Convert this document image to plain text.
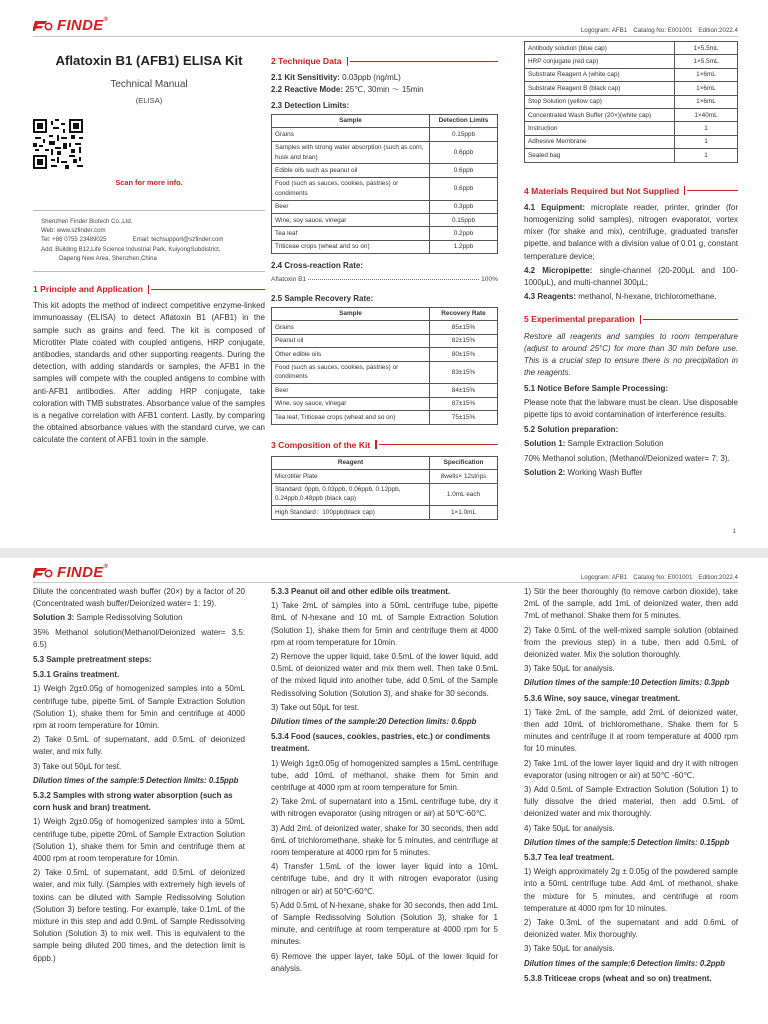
FINDE®
Logogram: AFB1 Catalog No: E001001 Edition:2022.4
Aflatoxin B1 (AFB1) ELISA Kit
Technical Manual
(ELISA)
Scan for more info.
Shenzhen Finder Biotech Co.,Ltd.
Web: www.szfinder.com
Tel: +86 0755 23489025	Email: techsupport@szfinder.com
Add: Building B12,Life Science Industrial Park, KuiyongSubdistrict,
Dapeng New Area, Shenzhen,China
1 Principle and Application
This kit adopts the method of indirect competitive enzyme-linked immunoassay (ELISA) to detect Aflatoxin B1 (AFB1) in the sample such as grains and feed. The kit is composed of Microtiter Plate coated with coupled antigens, HRP conjugate, antibodies, standards and other supporting reagents. During the detection, with adding standards or samples, the AFB1 in the samples will compete with the coupled antigens to combine with anti-AFB1 antibodies. After adding HRP conjugate, take coloration with TMB substrates. Absorbance value of the samples is a negative correlation with AFB1 content. Lastly, by comparing the obtained absorbance values with the standard curve, we can calculate the content of AFB1 toxin in the sample.
2 Technique Data
2.1 Kit Sensitivity: 0.03ppb (ng/mL)
2.2 Reactive Mode: 25℃, 30min ～ 15min
2.3 Detection Limits:
Sample	Detection Limits
Grains	0.15ppb
Samples with strong water absorption (such as corn, husk and bran)	0.6ppb
Edible oils such as peanut oil	0.6ppb
Food (such as sauces, cookies, pastries) or condiments	0.6ppb
Beer	0.3ppb
Wine, soy sauce, vinegar	0.15ppb
Tea leaf	0.2ppb
Triticeae crops (wheat and so on)	1.2ppb
2.4 Cross-reaction Rate:
Aflatoxin B1	100%
2.5 Sample Recovery Rate:
Sample	Recovery Rate
Grains	85±15%
Peanut oil	82±15%
Other edible oils	80±15%
Food (such as sauces, cookies, pastries) or condiments	83±15%
Beer	84±15%
Wine, soy sauce, vinegar	87±15%
Tea leaf, Triticeae crops (wheat and so on)	75±15%
3 Composition of the Kit
Reagent	Specification
Microtiter Plate	8wells× 12strips
Standard: 0ppb, 0.03ppb, 0.06ppb, 0.12ppb, 0.24ppb,0.48ppb (black cap)	1.0mL each
High Standard：100ppb(black cap)	1×1.0mL
Antibody solution (blue cap)	1×5.5mL
HRP conjugate (red cap)	1×5.5mL
Substrate Reagent A (white cap)	1×6mL
Substrate Reagent B (black cap)	1×6mL
Stop Solution (yellow cap)	1×6mL
Concentrated Wash Buffer (20×)(white cap)	1×40mL
Instruction	1
Adhesive Membrane	1
Sealed bag	1
4 Materials Required but Not Supplied
4.1 Equipment: microplate reader, printer, grinder (for homogenizing solid samples), nitrogen evaporator, vortex mixer (for shake and mix), centrifuge, graduated transfer pipette, and balance with a division value of 0.01 g, constant temperature device;
4.2 Micropipette: single-channel (20-200μL and 100-1000μL), and multi-channel 300μL;
4.3 Reagents: methanol, N-hexane, trichloromethane.
5 Experimental preparation
Restore all reagents and samples to room temperature (adjust to around 25°C) for more than 30 min before use. This is a crucial step to ensure there is no precipitation in the reagents.
5.1 Notice Before Sample Processing:
Please note that the labware must be clean. Use disposable pipette tips to avoid contamination of interference results.
5.2 Solution preparation:
Solution 1: Sample Extraction Solution
70% Methanol solution, (Methanol/Deionized water= 7: 3).
Solution 2: Working Wash Buffer
1
FINDE®
Logogram: AFB1 Catalog No: E001001 Edition:2022.4
Dilute the concentrated wash buffer (20×) by a factor of 20 (Concentrated wash buffer/Deionized water= 1: 19).
Solution 3: Sample Redissolving Solution
35% Methanol solution(Methanol/Deionized water= 3.5: 6.5)
5.3 Sample pretreatment steps:
5.3.1 Grains treatment.
1) Weigh 2g±0.05g of homogenized samples into a 50mL centrifuge tube, pipette 5mL of Sample Extraction Solution (Solution 1), shake them for 5min and centrifuge at 4000 rpm at room temperature for 10min.
2) Take 0.5mL of supernatant, add 0.5mL of deionized water, and mix fully.
3) Take out 50μL for test.
Dilution times of the sample:5 Detection limits: 0.15ppb
5.3.2 Samples with strong water absorption (such as corn husk and bran) treatment.
1) Weigh 2g±0.05g of homogenized samples into a 50mL centrifuge tube, pipette 20mL of Sample Extraction Solution (Solution 1), shake them for 5min and centrifuge them at 4000 rpm at room temperature for 10min.
2) Take 0.5mL of supernatant, add 0.5mL of deionized water, and mix fully. (Samples with extremely high levels of toxins can be diluted with Sample Redissolving Solution (Solution 3) before testing. For example, take 0.1mL of the mixture in this step and add 0.9mL of Sample Redissolving Solution (Solution 3) to mix well. This is equivalent to the sample being diluted 200 times, and the detection limit is 6ppb.)
5.3.3 Peanut oil and other edible oils treatment.
1) Take 2mL of samples into a 50mL centrifuge tube, pipette 8mL of N-hexane and 10 mL of Sample Extraction Solution (Solution 1), shake them for 5min and centrifuge them at 4000 rpm at room temperature for 10min.
2) Remove the upper liquid, take 0.5mL of the lower liquid, add 0.5mL of deionized water and mix them well. Then take 0.5mL of the mixed liquid into another tube, add 0.5mL of the Sample Redissolving Solution (Solution 3), and shake for 30 seconds.
3) Take out 50μL for test.
Dilution times of the sample:20 Detection limits: 0.6ppb
5.3.4 Food (sauces, cookies, pastries, etc.) or condiments treatment.
1) Weigh 1g±0.05g of homogenized samples a 15mL centrifuge tube, add 10mL of methanol, shake them for 5min and centrifuge at 4000 rpm at room temperature for 5min.
2) Take 2mL of supernatant into a 15mL centrifuge tube, dry it with nitrogen evaporator (using nitrogen or air) at 50℃-60℃.
3) Add 2mL of deionized water, shake for 30 seconds, then add 6mL of trichloromethane, shake for 5 minutes, and centrifuge at room temperature at 4000 rpm for 5 minutes.
4) Transfer 1.5mL of the lower layer liquid into a 10mL centrifuge tube, and dry it with nitrogen evaporator (using nitrogen or air) at 50℃-60℃.
5) Add 0.5mL of N-hexane, shake for 30 seconds, then add 1mL of Sample Redissolving Solution (Solution 3), shake for 1 minute, and centrifuge at room temperature at 4000 rpm for 5 minutes.
6) Remove the upper layer, take 50μL of the lower liquid for analysis.
1) Stir the beer thoroughly (to remove carbon dioxide), take 2mL of the sample, add 1mL of deionized water, then add 7mL of methanol. Shake them for 5 minutes.
2) Take 0.5mL of the well-mixed sample solution (obtained from the previous step) in a tube, then add 0.5mL of deionized water. Mix the solution thoroughly.
3) Take 50μL for analysis.
Dilution times of the sample:10 Detection limits: 0.3ppb
5.3.6 Wine, soy sauce, vinegar treatment.
1) Take 2mL of the sample, add 2mL of deionized water, then add 10mL of trichloromethane. Shake them for 5 minutes and centrifuge it at room temperature at 4000 rpm for 10 minutes.
2) Take 1mL of the lower layer liquid and dry it with nitrogen evaporator (using nitrogen or air) at 50℃ -60℃.
3) Add 0.5mL of Sample Extraction Solution (Solution 1) to fully dissolve the dried material, then add 0.5mL of deionized water and mix thoroughly.
4) Take 50μL for analysis.
Dilution times of the sample:5 Detection limits: 0.15ppb
5.3.7 Tea leaf treatment.
1) Weigh approximately 2g ± 0.05g of the powdered sample into a 50mL centrifuge tube. Add 4mL of methanol, shake the mixture for 5 minutes, and centrifuge at room temperature at 4000 rpm for 10 minutes.
2) Take 0.3mL of the supernatant and add 0.6mL of deionized water. Mix thoroughly.
3) Take 50μL for analysis.
Dilution times of the sample:6 Detection limits: 0.2ppb
5.3.8 Triticeae crops (wheat and so on) treatment.
